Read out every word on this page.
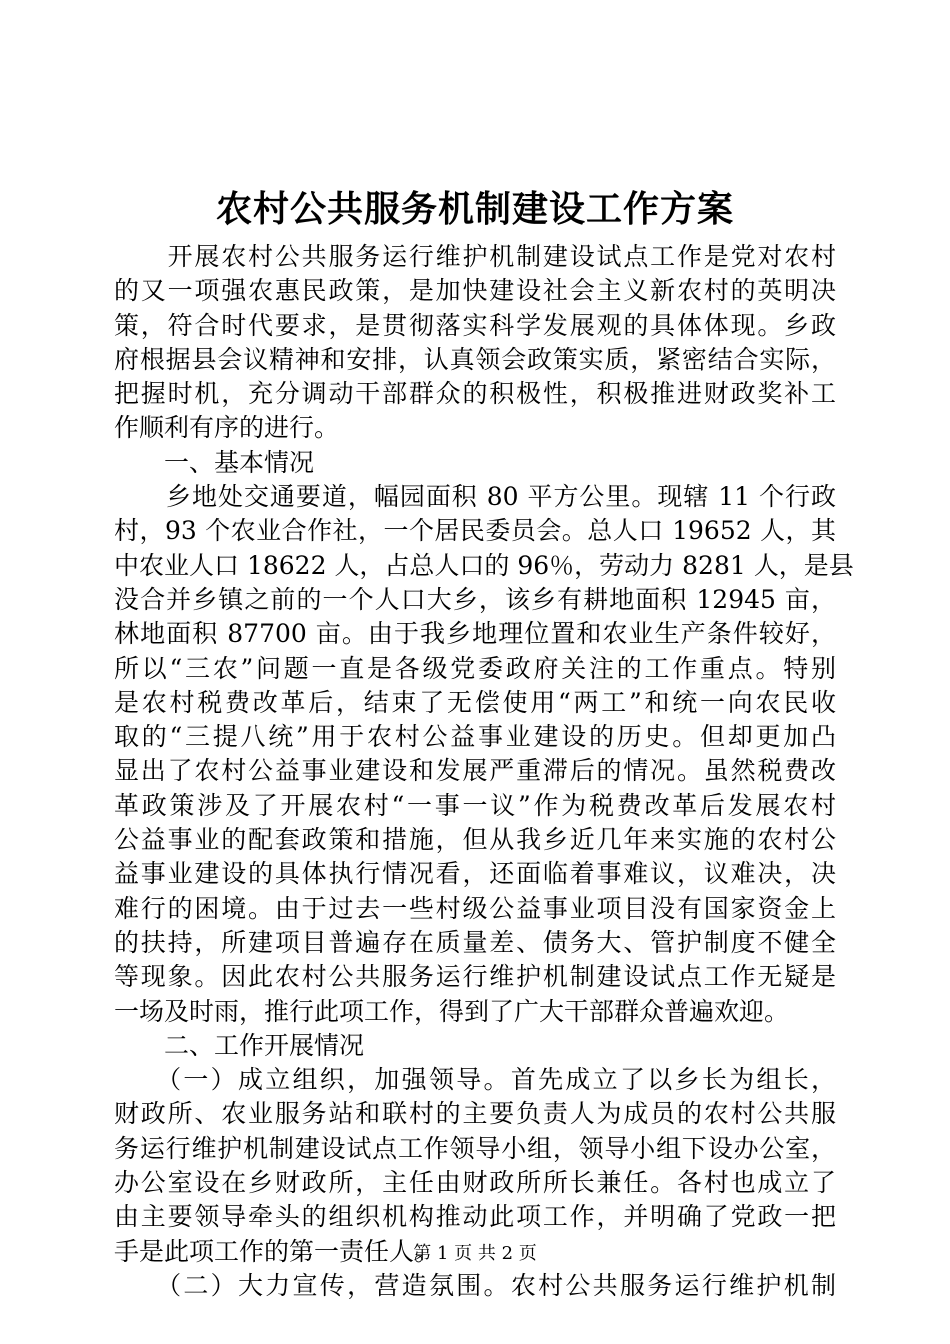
农村公共服务机制建设工作方案
　　开展农村公共服务运行维护机制建设试点工作是党对农村
的又一项强农惠民政策，是加快建设社会主义新农村的英明决
策，符合时代要求，是贯彻落实科学发展观的具体体现。乡政
府根据县会议精神和安排，认真领会政策实质，紧密结合实际，
把握时机，充分调动干部群众的积极性，积极推进财政奖补工
作顺利有序的进行。
　　一、基本情况
　　乡地处交通要道，幅园面积 80 平方公里。现辖 11 个行政
村，93 个农业合作社，一个居民委员会。总人口 19652 人，其
中农业人口 18622 人，占总人口的 96％，劳动力 8281 人，是县
没合并乡镇之前的一个人口大乡，该乡有耕地面积 12945 亩，
林地面积 87700 亩。由于我乡地理位置和农业生产条件较好，
所以“三农”问题一直是各级党委政府关注的工作重点。特别
是农村税费改革后，结束了无偿使用“两工”和统一向农民收
取的“三提八统”用于农村公益事业建设的历史。但却更加凸
显出了农村公益事业建设和发展严重滞后的情况。虽然税费改
革政策涉及了开展农村“一事一议”作为税费改革后发展农村
公益事业的配套政策和措施，但从我乡近几年来实施的农村公
益事业建设的具体执行情况看，还面临着事难议，议难决，决
难行的困境。由于过去一些村级公益事业项目没有国家资金上
的扶持，所建项目普遍存在质量差、债务大、管护制度不健全
等现象。因此农村公共服务运行维护机制建设试点工作无疑是
一场及时雨，推行此项工作，得到了广大干部群众普遍欢迎。
　　二、工作开展情况
　　（一）成立组织，加强领导。首先成立了以乡长为组长，
财政所、农业服务站和联村的主要负责人为成员的农村公共服
务运行维护机制建设试点工作领导小组，领导小组下设办公室，
办公室设在乡财政所，主任由财政所所长兼任。各村也成立了
由主要领导牵头的组织机构推动此项工作，并明确了党政一把
手是此项工作的第一责任人。
　　（二）大力宣传，营造氛围。农村公共服务运行维护机制
第 1 页 共 2 页
